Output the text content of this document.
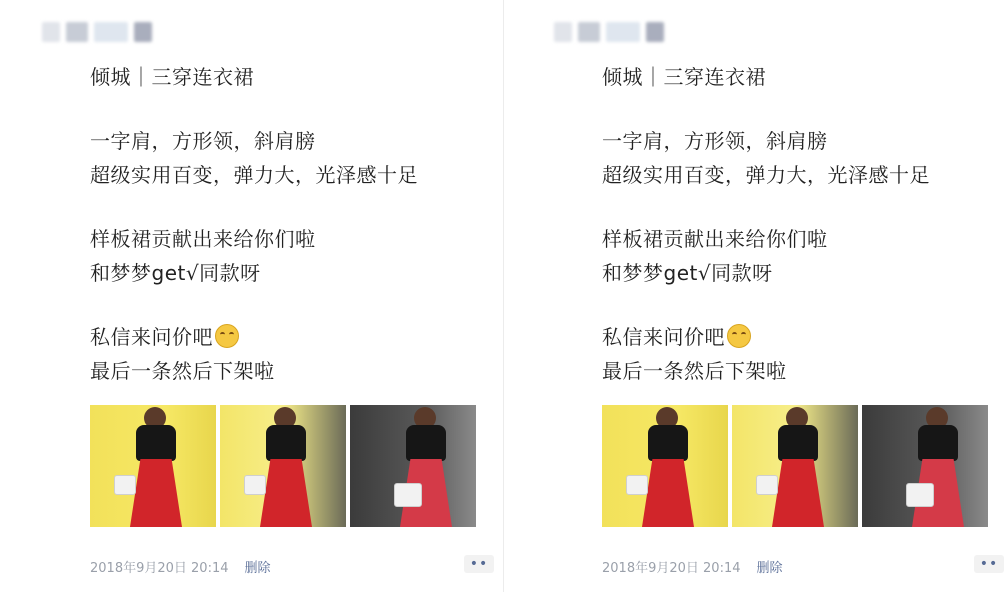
倾城｜三穿连衣裙
一字肩，方形领，斜肩膀
超级实用百变，弹力大，光泽感十足
样板裙贡献出来给你们啦
和梦梦get√同款呀
私信来问价吧
最后一条然后下架啦
2018年9月20日 20:14 删除	••
倾城｜三穿连衣裙
一字肩，方形领，斜肩膀
超级实用百变，弹力大，光泽感十足
样板裙贡献出来给你们啦
和梦梦get√同款呀
私信来问价吧
最后一条然后下架啦
2018年9月20日 20:14 删除	••
